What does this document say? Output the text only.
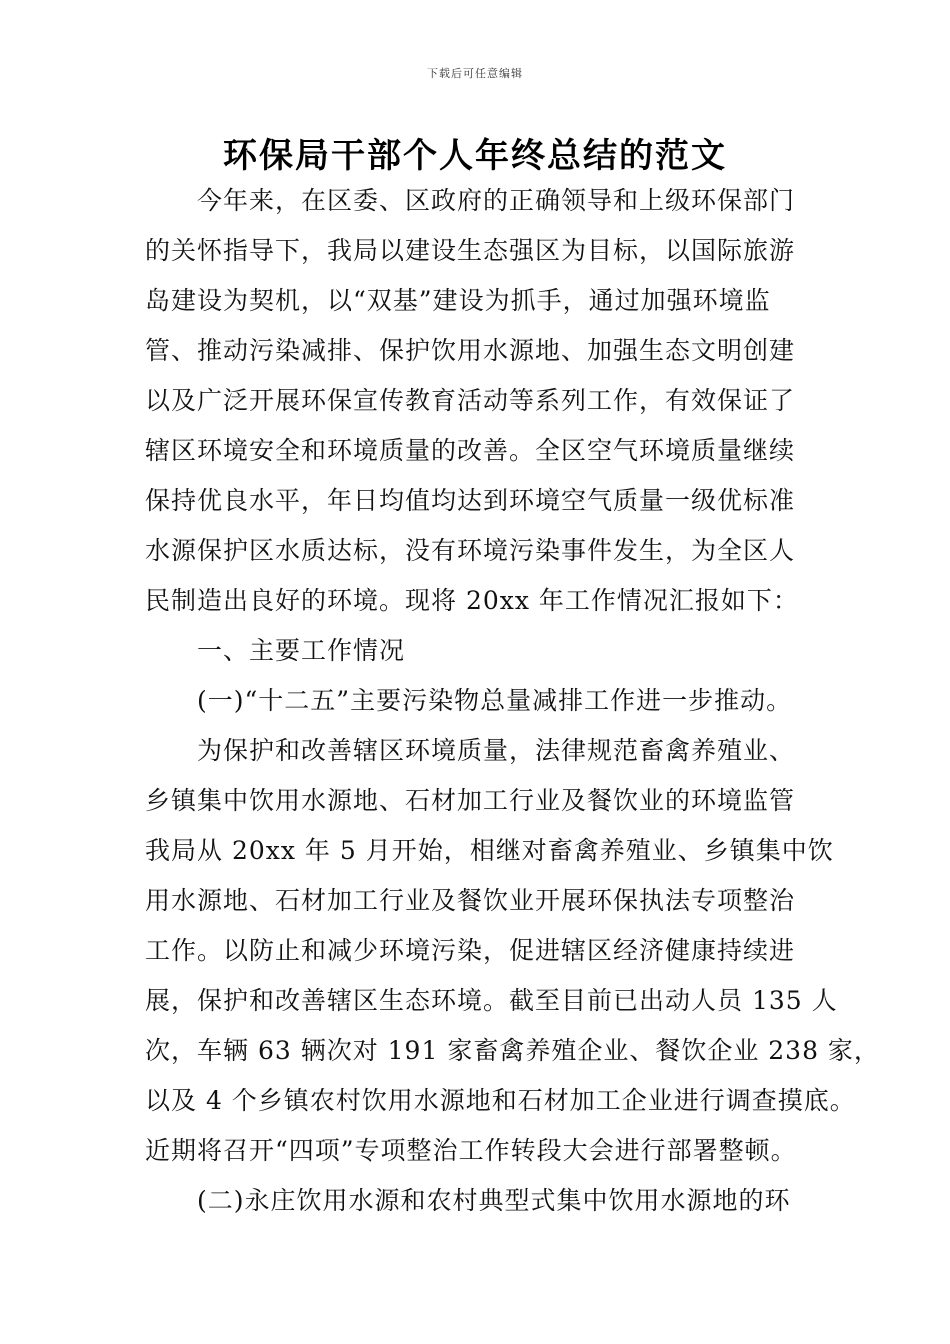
下载后可任意编辑
环保局干部个人年终总结的范文
今年来，在区委、区政府的正确领导和上级环保部门
的关怀指导下，我局以建设生态强区为目标，以国际旅游
岛建设为契机，以“双基”建设为抓手，通过加强环境监
管、推动污染减排、保护饮用水源地、加强生态文明创建
以及广泛开展环保宣传教育活动等系列工作，有效保证了
辖区环境安全和环境质量的改善。全区空气环境质量继续
保持优良水平，年日均值均达到环境空气质量一级优标准
水源保护区水质达标，没有环境污染事件发生，为全区人
民制造出良好的环境。现将 20xx 年工作情况汇报如下：
一、主要工作情况
(一)“十二五”主要污染物总量减排工作进一步推动。
为保护和改善辖区环境质量，法律规范畜禽养殖业、
乡镇集中饮用水源地、石材加工行业及餐饮业的环境监管
我局从 20xx 年 5 月开始，相继对畜禽养殖业、乡镇集中饮
用水源地、石材加工行业及餐饮业开展环保执法专项整治
工作。以防止和减少环境污染，促进辖区经济健康持续进
展，保护和改善辖区生态环境。截至目前已出动人员 135 人
次，车辆 63 辆次对 191 家畜禽养殖企业、餐饮企业 238 家，
以及 4 个乡镇农村饮用水源地和石材加工企业进行调查摸底。
近期将召开“四项”专项整治工作转段大会进行部署整顿。
(二)永庄饮用水源和农村典型式集中饮用水源地的环
